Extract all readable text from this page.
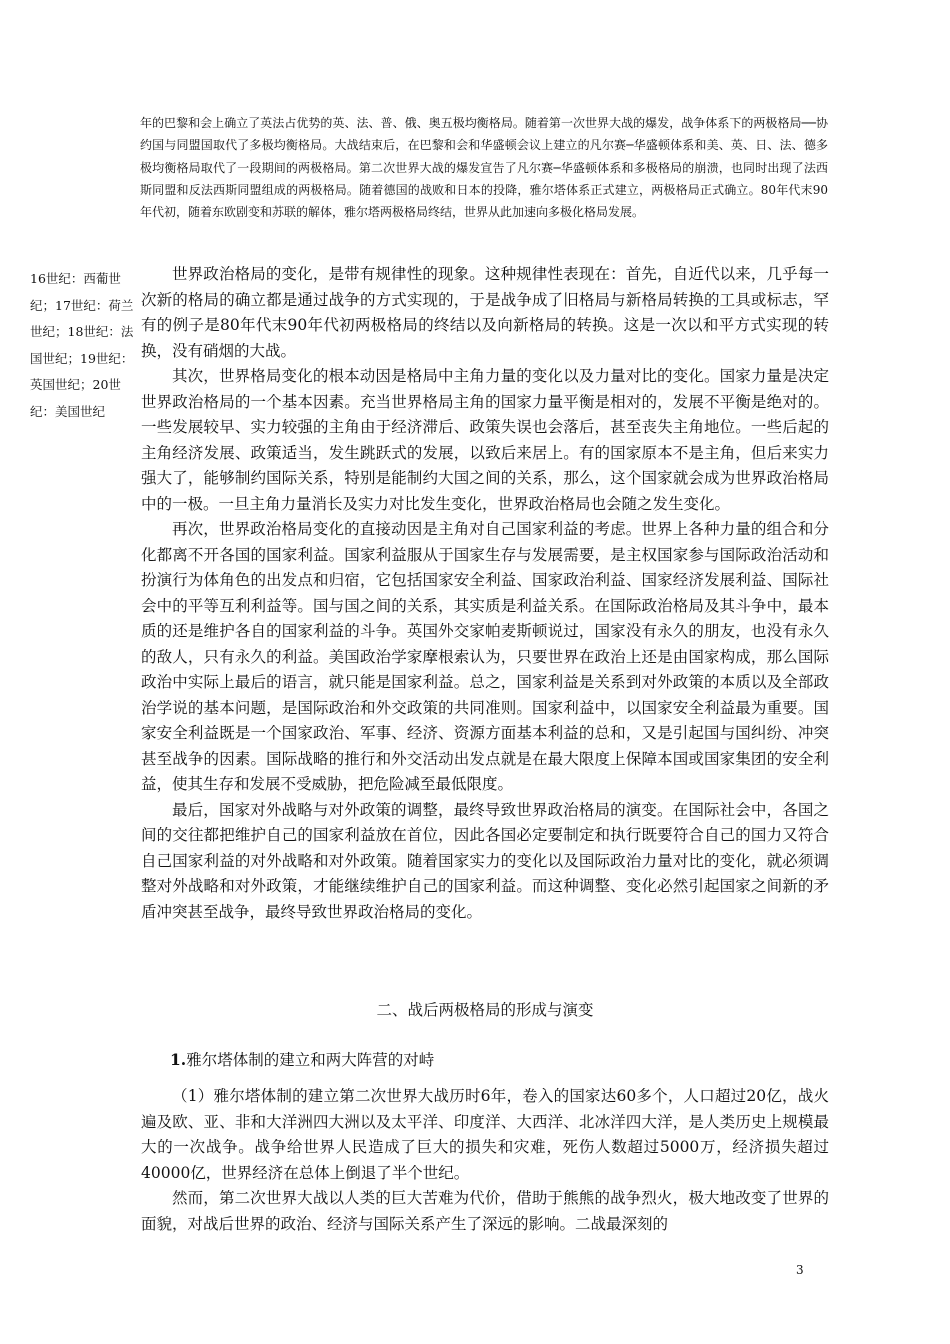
年的巴黎和会上确立了英法占优势的英、法、普、俄、奥五极均衡格局。随着第一次世界大战的爆发，战争体系下的两极格局──协约国与同盟国取代了多极均衡格局。大战结束后，在巴黎和会和华盛顿会议上建立的凡尔赛─华盛顿体系和美、英、日、法、德多极均衡格局取代了一段期间的两极格局。第二次世界大战的爆发宣告了凡尔赛─华盛顿体系和多极格局的崩溃，也同时出现了法西斯同盟和反法西斯同盟组成的两极格局。随着德国的战败和日本的投降，雅尔塔体系正式建立，两极格局正式确立。80年代末90年代初，随着东欧剧变和苏联的解体，雅尔塔两极格局终结，世界从此加速向多极化格局发展。

16世纪：西葡世纪；17世纪：荷兰世纪；18世纪：法国世纪；19世纪：英国世纪；20世纪：美国世纪

世界政治格局的变化，是带有规律性的现象。这种规律性表现在：首先，自近代以来，几乎每一次新的格局的确立都是通过战争的方式实现的，于是战争成了旧格局与新格局转换的工具或标志，罕有的例子是80年代末90年代初两极格局的终结以及向新格局的转换。这是一次以和平方式实现的转换，没有硝烟的大战。

其次，世界格局变化的根本动因是格局中主角力量的变化以及力量对比的变化。国家力量是决定世界政治格局的一个基本因素。充当世界格局主角的国家力量平衡是相对的，发展不平衡是绝对的。一些发展较早、实力较强的主角由于经济滞后、政策失误也会落后，甚至丧失主角地位。一些后起的主角经济发展、政策适当，发生跳跃式的发展，以致后来居上。有的国家原本不是主角，但后来实力强大了，能够制约国际关系，特别是能制约大国之间的关系，那么，这个国家就会成为世界政治格局中的一极。一旦主角力量消长及实力对比发生变化，世界政治格局也会随之发生变化。

再次，世界政治格局变化的直接动因是主角对自己国家利益的考虑。世界上各种力量的组合和分化都离不开各国的国家利益。国家利益服从于国家生存与发展需要，是主权国家参与国际政治活动和扮演行为体角色的出发点和归宿，它包括国家安全利益、国家政治利益、国家经济发展利益、国际社会中的平等互利利益等。国与国之间的关系，其实质是利益关系。在国际政治格局及其斗争中，最本质的还是维护各自的国家利益的斗争。英国外交家帕麦斯顿说过，国家没有永久的朋友，也没有永久的敌人，只有永久的利益。美国政治学家摩根索认为，只要世界在政治上还是由国家构成，那么国际政治中实际上最后的语言，就只能是国家利益。总之，国家利益是关系到对外政策的本质以及全部政治学说的基本问题，是国际政治和外交政策的共同准则。国家利益中，以国家安全利益最为重要。国家安全利益既是一个国家政治、军事、经济、资源方面基本利益的总和，又是引起国与国纠纷、冲突甚至战争的因素。国际战略的推行和外交活动出发点就是在最大限度上保障本国或国家集团的安全利益，使其生存和发展不受威胁，把危险减至最低限度。

最后，国家对外战略与对外政策的调整，最终导致世界政治格局的演变。在国际社会中，各国之间的交往都把维护自己的国家利益放在首位，因此各国必定要制定和执行既要符合自己的国力又符合自己国家利益的对外战略和对外政策。随着国家实力的变化以及国际政治力量对比的变化，就必须调整对外战略和对外政策，才能继续维护自己的国家利益。而这种调整、变化必然引起国家之间新的矛盾冲突甚至战争，最终导致世界政治格局的变化。

二、战后两极格局的形成与演变
1.雅尔塔体制的建立和两大阵营的对峙

（1）雅尔塔体制的建立第二次世界大战历时6年，卷入的国家达60多个，人口超过20亿，战火遍及欧、亚、非和大洋洲四大洲以及太平洋、印度洋、大西洋、北冰洋四大洋，是人类历史上规模最大的一次战争。战争给世界人民造成了巨大的损失和灾难，死伤人数超过5000万，经济损失超过40000亿，世界经济在总体上倒退了半个世纪。

然而，第二次世界大战以人类的巨大苦难为代价，借助于熊熊的战争烈火，极大地改变了世界的面貌，对战后世界的政治、经济与国际关系产生了深远的影响。二战最深刻的

3
